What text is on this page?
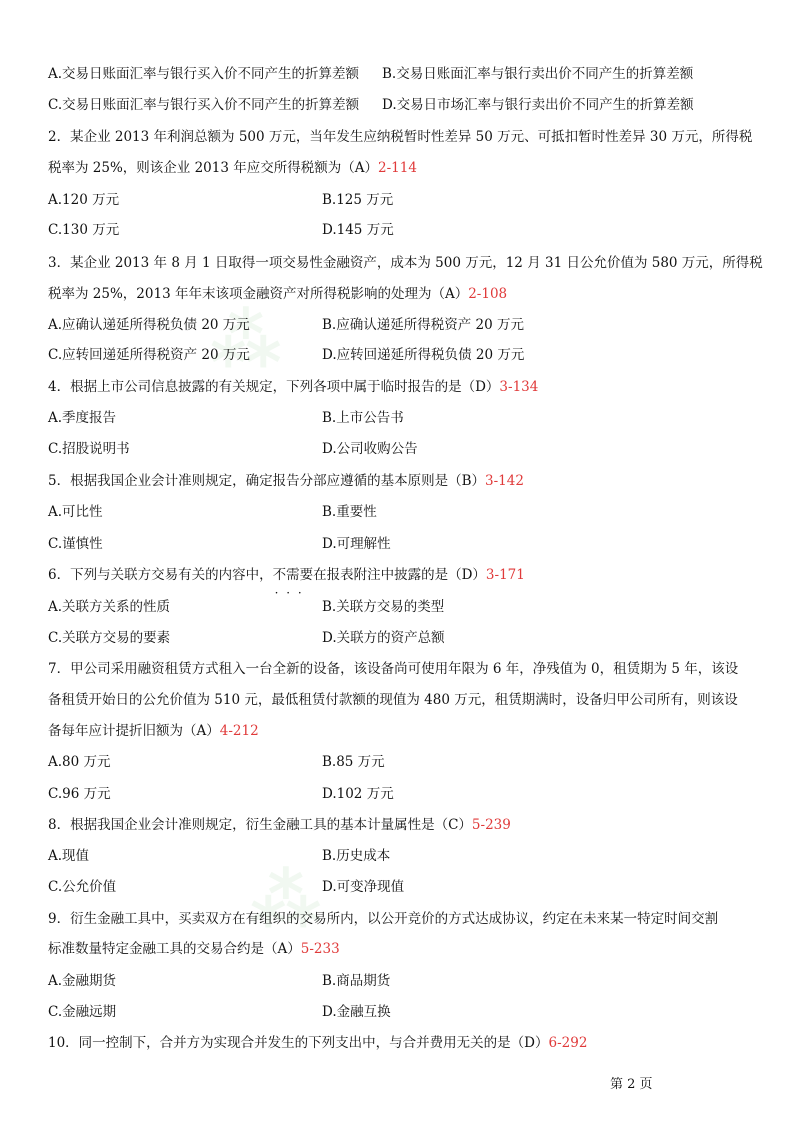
⁂
⁂
A.交易日账面汇率与银行买入价不同产生的折算差额 B.交易日账面汇率与银行卖出价不同产生的折算差额
C.交易日账面汇率与银行买入价不同产生的折算差额 D.交易日市场汇率与银行卖出价不同产生的折算差额
2．某企业 2013 年利润总额为 500 万元，当年发生应纳税暂时性差异 50 万元、可抵扣暂时性差异 30 万元，所得税
税率为 25%，则该企业 2013 年应交所得税额为（A）2-114
A.120 万元	B.125 万元
C.130 万元	D.145 万元
3．某企业 2013 年 8 月 1 日取得一项交易性金融资产，成本为 500 万元，12 月 31 日公允价值为 580 万元，所得税
税率为 25%，2013 年年末该项金融资产对所得税影响的处理为（A）2-108
A.应确认递延所得税负债 20 万元	B.应确认递延所得税资产 20 万元
C.应转回递延所得税资产 20 万元	D.应转回递延所得税负债 20 万元
4．根据上市公司信息披露的有关规定，下列各项中属于临时报告的是（D）3-134
A.季度报告	B.上市公告书
C.招股说明书	D.公司收购公告
5．根据我国企业会计准则规定，确定报告分部应遵循的基本原则是（B）3-142
A.可比性	B.重要性
C.谨慎性	D.可理解性
6．下列与关联方交易有关的内容中，不需要 · · ·在报表附注中披露的是（D）3-171
A.关联方关系的性质	B.关联方交易的类型
C.关联方交易的要素	D.关联方的资产总额
7．甲公司采用融资租赁方式租入一台全新的设备，该设备尚可使用年限为 6 年，净残值为 0，租赁期为 5 年，该设
备租赁开始日的公允价值为 510 元，最低租赁付款额的现值为 480 万元，租赁期满时，设备归甲公司所有，则该设
备每年应计提折旧额为（A）4-212
A.80 万元	B.85 万元
C.96 万元	D.102 万元
8．根据我国企业会计准则规定，衍生金融工具的基本计量属性是（C）5-239
A.现值	B.历史成本
C.公允价值	D.可变净现值
9．衍生金融工具中，买卖双方在有组织的交易所内，以公开竞价的方式达成协议，约定在未来某一特定时间交割
标准数量特定金融工具的交易合约是（A）5-233
A.金融期货	B.商品期货
C.金融远期	D.金融互换
10．同一控制下，合并方为实现合并发生的下列支出中，与合并费用无关的是（D）6-292
第 2 页
